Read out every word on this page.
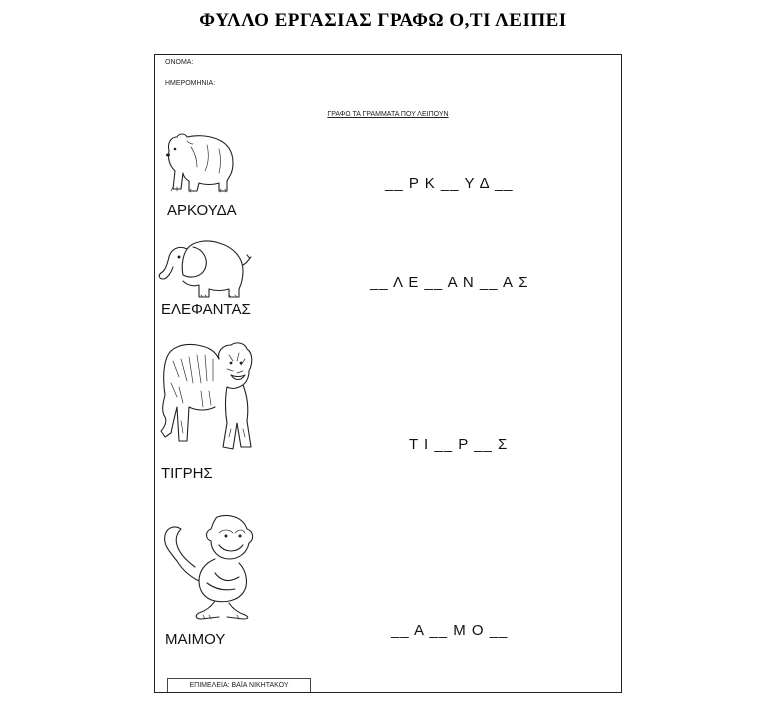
ΦΥΛΛΟ ΕΡΓΑΣΙΑΣ ΓΡΑΦΩ Ο,ΤΙ ΛΕΙΠΕΙ
ΟΝΟΜΑ:
ΗΜΕΡΟΜΗΝΙΑ:
ΓΡΑΦΩ ΤΑ ΓΡΑΜΜΑΤΑ ΠΟΥ ΛΕΙΠΟΥΝ
ΑΡΚΟΥΔΑ
__ Ρ Κ __ Υ Δ __
ΕΛΕΦΑΝΤΑΣ
__ Λ Ε __ Α Ν __ Α Σ
ΤΙΓΡΗΣ
Τ Ι __ Ρ __ Σ
ΜΑΙΜΟΥ
__ Α __ Μ Ο __
ΕΠΙΜΕΛΕΙΑ: ΒΑΪΑ ΝΙΚΗΤΑΚΟΥ
